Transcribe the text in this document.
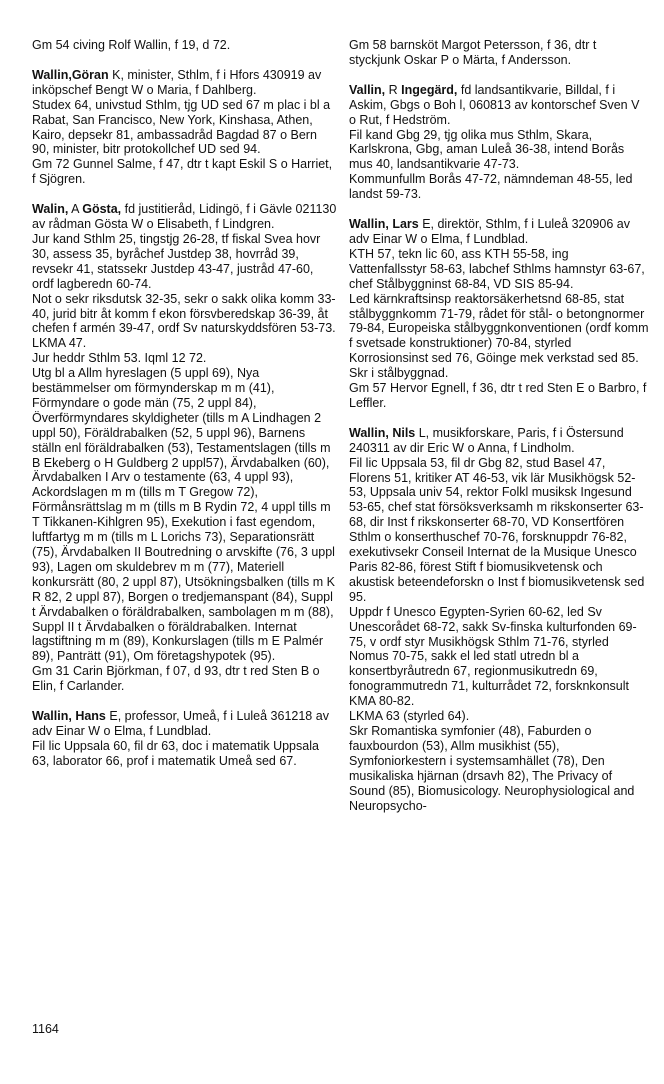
Gm 54 civing Rolf Wallin, f 19, d 72.

Wallin,Göran K, minister, Sthlm, f i Hfors 430919 av inköpschef Bengt W o Maria, f Dahlberg.

Studex 64, univstud Sthlm, tjg UD sed 67 m plac i bl a Rabat, San Francisco, New York, Kinshasa, Athen, Kairo, depsekr 81, ambassadråd Bagdad 87 o Bern 90, minister, bitr protokollchef UD sed 94.

Gm 72 Gunnel Salme, f 47, dtr t kapt Eskil S o Harriet, f Sjögren.

Walin, A Gösta, fd justitieråd, Lidingö, f i Gävle 021130 av rådman Gösta W o Elisabeth, f Lindgren.

Jur kand Sthlm 25, tingstjg 26-28, tf fiskal Svea hovr 30, assess 35, byråchef Justdep 38, hovrråd 39, revsekr 41, statssekr Justdep 43-47, justråd 47-60, ordf lagberedn 60-74.

Not o sekr riksdutsk 32-35, sekr o sakk olika komm 33-40, jurid bitr åt komm f ekon försvberedskap 36-39, åt chefen f armén 39-47, ordf Sv naturskyddsfören 53-73.

LKMA 47.

Jur heddr Sthlm 53. Iqml 12 72.

Utg bl a Allm hyreslagen (5 uppl 69), Nya bestämmelser om förmynderskap m m (41), Förmyndare o gode män (75, 2 uppl 84), Överförmyndares skyldigheter (tills m A Lindhagen 2 uppl 50), Föräldrabalken (52, 5 uppl 96), Barnens ställn enl föräldrabalken (53), Testamentslagen (tills m B Ekeberg o H Guldberg 2 uppl57), Ärvdabalken (60), Ärvdabalken I Arv o testamente (63, 4 uppl 93), Ackordslagen m m (tills m T Gregow 72), Förmånsrättslag m m (tills m B Rydin 72, 4 uppl tills m T Tikkanen-Kihlgren 95), Exekution i fast egendom, luftfartyg m m (tills m L Lorichs 73), Separationsrätt (75), Ärvdabalken II Boutredning o arvskifte (76, 3 uppl 93), Lagen om skuldebrev m m (77), Materiell konkursrätt (80, 2 uppl 87), Utsökningsbalken (tills m K R 82, 2 uppl 87), Borgen o tredjemanspant (84), Suppl t Ärvdabalken o föräldrabalken, sambolagen m m (88), Suppl II t Ärvdabalken o föräldrabalken. Internat lagstiftning m m (89), Konkurslagen (tills m E Palmér 89), Panträtt (91), Om företagshypotek (95).

Gm 31 Carin Björkman, f 07, d 93, dtr t red Sten B o Elin, f Carlander.

Wallin, Hans E, professor, Umeå, f i Luleå 361218 av adv Einar W o Elma, f Lundblad.

Fil lic Uppsala 60, fil dr 63, doc i matematik Uppsala 63, laborator 66, prof i matematik Umeå sed 67.

Gm 58 barnsköt Margot Petersson, f 36, dtr t styckjunk Oskar P o Märta, f Andersson.

Vallin, R Ingegärd, fd landsantikvarie, Billdal, f i Askim, Gbgs o Boh l, 060813 av kontorschef Sven V o Rut, f Hedström.

Fil kand Gbg 29, tjg olika mus Sthlm, Skara, Karlskrona, Gbg, aman Luleå 36-38, intend Borås mus 40, landsantikvarie 47-73.

Kommunfullm Borås 47-72, nämndeman 48-55, led landst 59-73.

Wallin, Lars E, direktör, Sthlm, f i Luleå 320906 av adv Einar W o Elma, f Lundblad.

KTH 57, tekn lic 60, ass KTH 55-58, ing Vattenfallsstyr 58-63, labchef Sthlms hamnstyr 63-67, chef Stålbyggninst 68-84, VD SIS 85-94.

Led kärnkraftsinsp reaktorsäkerhetsnd 68-85, stat stålbyggnkomm 71-79, rådet för stål- o betongnormer 79-84, Europeiska stålbyggnkonventionen (ordf komm f svetsade konstruktioner) 70-84, styrled Korrosionsinst sed 76, Göinge mek verkstad sed 85.

Skr i stålbyggnad.

Gm 57 Hervor Egnell, f 36, dtr t red Sten E o Barbro, f Leffler.

Wallin, Nils L, musikforskare, Paris, f i Östersund 240311 av dir Eric W o Anna, f Lindholm.

Fil lic Uppsala 53, fil dr Gbg 82, stud Basel 47, Florens 51, kritiker AT 46-53, vik lär Musikhögsk 52-53, Uppsala univ 54, rektor Folkl musiksk Ingesund 53-65, chef stat försöksverksamh m rikskonserter 63-68, dir Inst f rikskonserter 68-70, VD Konsertfören Sthlm o konserthuschef 70-76, forsknuppdr 76-82, exekutivsekr Conseil Internat de la Musique Unesco Paris 82-86, förest Stift f biomusikvetensk och akustisk beteendeforskn o Inst f biomusikvetensk sed 95.

Uppdr f Unesco Egypten-Syrien 60-62, led Sv Unescorådet 68-72, sakk Sv-finska kulturfonden 69-75, v ordf styr Musikhögsk Sthlm 71-76, styrled Nomus 70-75, sakk el led statl utredn bl a konsertbyråutredn 67, regionmusikutredn 69, fonogrammutredn 71, kulturrådet 72, forsknkonsult KMA 80-82.

LKMA 63 (styrled 64).

Skr Romantiska symfonier (48), Faburden o fauxbourdon (53), Allm musikhist (55), Symfoniorkestern i systemsamhället (78), Den musikaliska hjärnan (drsavh 82), The Privacy of Sound (85), Biomusicology. Neurophysiological and Neuropsycho-

1164
